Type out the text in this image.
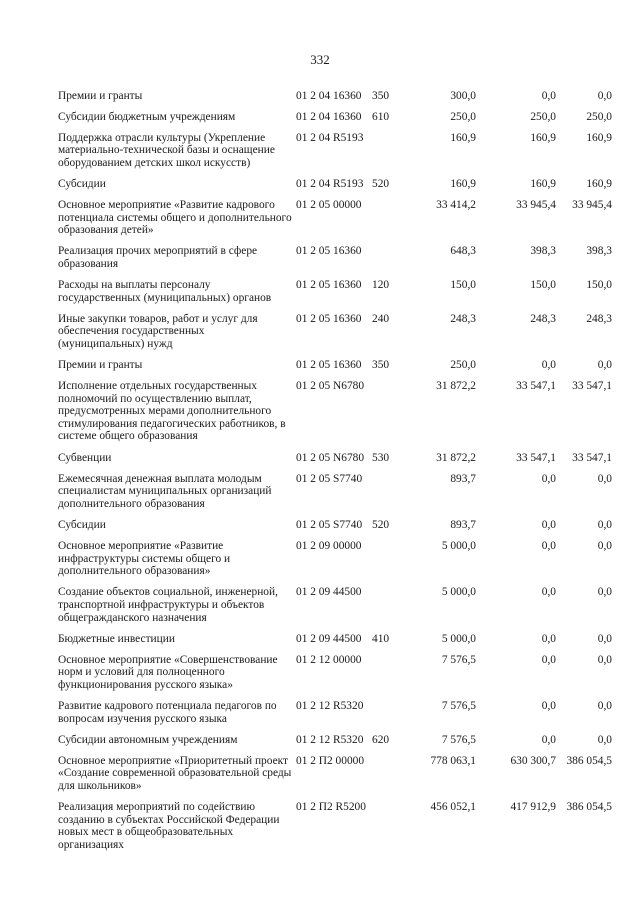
332
Премии и гранты	01 2 04 16360	350	300,0	0,0	0,0
Субсидии бюджетным учреждениям	01 2 04 16360	610	250,0	250,0	250,0
Поддержка отрасли культуры (Укрепление материально-технической базы и оснащение оборудованием детских школ искусств)	01 2 04 R5193		160,9	160,9	160,9
Субсидии	01 2 04 R5193	520	160,9	160,9	160,9
Основное мероприятие «Развитие кадрового потенциала системы общего и дополнительного образования детей»	01 2 05 00000		33 414,2	33 945,4	33 945,4
Реализация прочих мероприятий в сфере образования	01 2 05 16360		648,3	398,3	398,3
Расходы на выплаты персоналу государственных (муниципальных) органов	01 2 05 16360	120	150,0	150,0	150,0
Иные закупки товаров, работ и услуг для обеспечения государственных (муниципальных) нужд	01 2 05 16360	240	248,3	248,3	248,3
Премии и гранты	01 2 05 16360	350	250,0	0,0	0,0
Исполнение отдельных государственных полномочий по осуществлению выплат, предусмотренных мерами дополнительного стимулирования педагогических работников, в системе общего образования	01 2 05 N6780		31 872,2	33 547,1	33 547,1
Субвенции	01 2 05 N6780	530	31 872,2	33 547,1	33 547,1
Ежемесячная денежная выплата молодым специалистам муниципальных организаций дополнительного образования	01 2 05 S7740		893,7	0,0	0,0
Субсидии	01 2 05 S7740	520	893,7	0,0	0,0
Основное мероприятие «Развитие инфраструктуры системы общего и дополнительного образования»	01 2 09 00000		5 000,0	0,0	0,0
Создание объектов социальной, инженерной, транспортной инфраструктуры и объектов общегражданского назначения	01 2 09 44500		5 000,0	0,0	0,0
Бюджетные инвестиции	01 2 09 44500	410	5 000,0	0,0	0,0
Основное мероприятие «Совершенствование норм и условий для полноценного функционирования русского языка»	01 2 12 00000		7 576,5	0,0	0,0
Развитие кадрового потенциала педагогов по вопросам изучения русского языка	01 2 12 R5320		7 576,5	0,0	0,0
Субсидии автономным учреждениям	01 2 12 R5320	620	7 576,5	0,0	0,0
Основное мероприятие «Приоритетный проект «Создание современной образовательной среды для школьников»	01 2 П2 00000		778 063,1	630 300,7	386 054,5
Реализация мероприятий по содействию созданию в субъектах Российской Федерации новых мест в общеобразовательных организациях	01 2 П2 R5200		456 052,1	417 912,9	386 054,5
